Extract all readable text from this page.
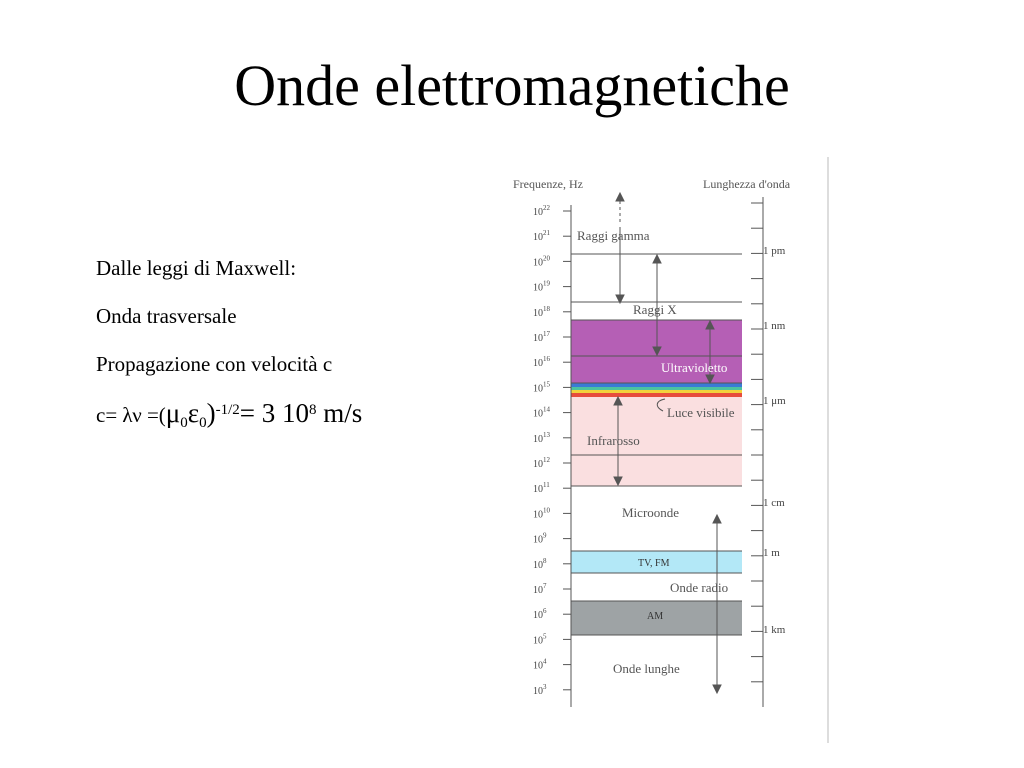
Onde elettromagnetiche
Dalle leggi di Maxwell:
Onda trasversale
Propagazione con velocità c
$c= \lambda\nu =(\mu_0\varepsilon_0)^{-1/2}= 3$ $10^8$ m/s
Frequenze, Hz	Lunghezza d'onda
$10^{22}$
$10^{21}$
$10^{20}$
$10^{19}$
$10^{18}$
$10^{17}$
$10^{16}$
$10^{15}$
$10^{14}$
$10^{13}$
$10^{12}$
$10^{11}$
$10^{10}$
$10^9$
$10^8$
$10^7$
$10^6$
$10^5$
$10^4$
$10^3$
1 pm
1 nm
1 μm
1 cm
1 m
1 km
Raggi gamma
Raggi X
Ultravioletto
Luce visibile
Infrarosso
Microonde
TV, FM
Onde radio
AM
Onde lunghe
